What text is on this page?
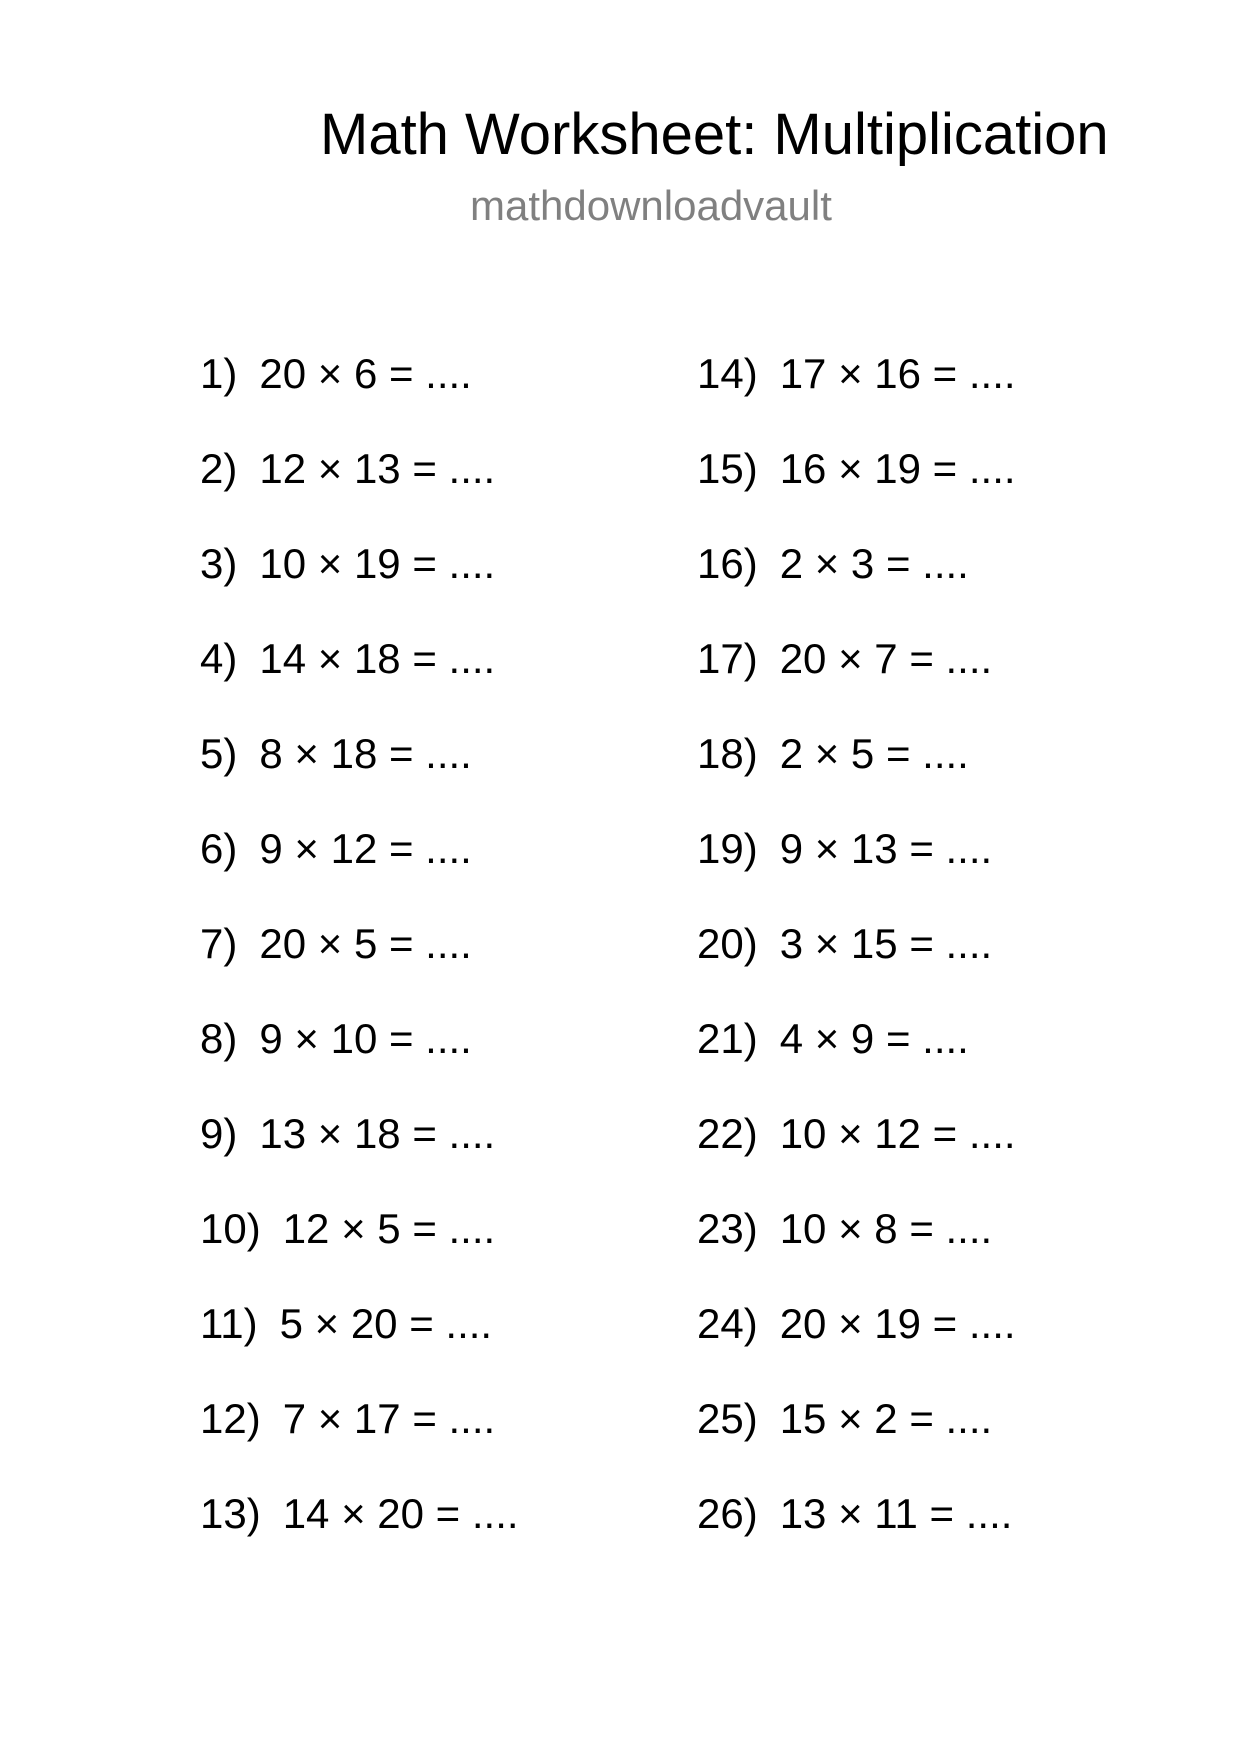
Math Worksheet: Multiplication
mathdownloadvault
1) 20 × 6 = ....
2) 12 × 13 = ....
3) 10 × 19 = ....
4) 14 × 18 = ....
5) 8 × 18 = ....
6) 9 × 12 = ....
7) 20 × 5 = ....
8) 9 × 10 = ....
9) 13 × 18 = ....
10) 12 × 5 = ....
11) 5 × 20 = ....
12) 7 × 17 = ....
13) 14 × 20 = ....
14) 17 × 16 = ....
15) 16 × 19 = ....
16) 2 × 3 = ....
17) 20 × 7 = ....
18) 2 × 5 = ....
19) 9 × 13 = ....
20) 3 × 15 = ....
21) 4 × 9 = ....
22) 10 × 12 = ....
23) 10 × 8 = ....
24) 20 × 19 = ....
25) 15 × 2 = ....
26) 13 × 11 = ....
